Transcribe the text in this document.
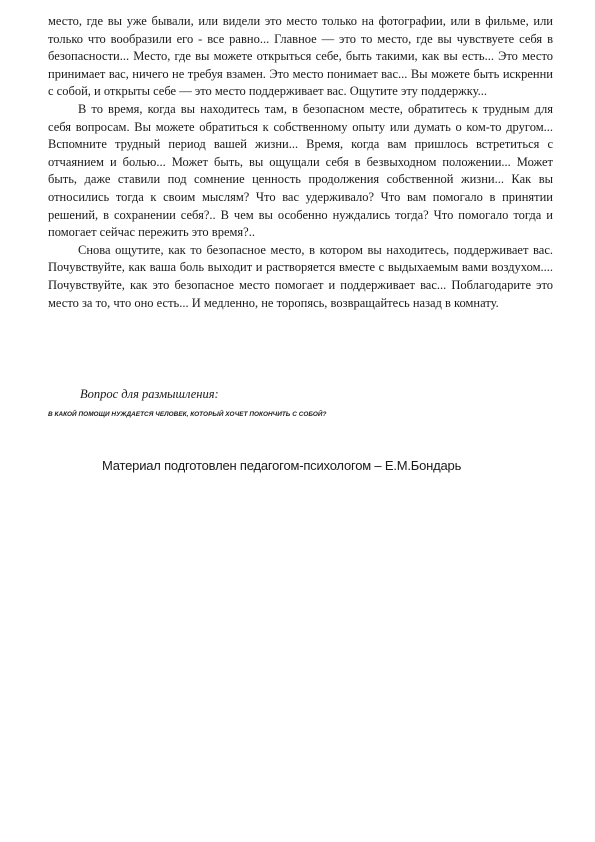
место, где вы уже бывали, или видели это место только на фотографии, или в фильме, или только что вообразили его - все равно... Главное — это то место, где вы чувствуете себя в безопасности... Место, где вы можете открыться себе, быть такими, как вы есть... Это место принимает вас, ничего не требуя взамен. Это место понимает вас... Вы можете быть искренни с собой, и открыты себе — это место поддерживает вас. Ощутите эту поддержку...

В то время, когда вы находитесь там, в безопасном месте, обратитесь к трудным для себя вопросам. Вы можете обратиться к собственному опыту или думать о ком-то другом... Вспомните трудный период вашей жизни... Время, когда вам пришлось встретиться с отчаянием и болью... Может быть, вы ощущали себя в безвыходном положении... Может быть, даже ставили под сомнение ценность продолжения собственной жизни... Как вы относились тогда к своим мыслям? Что вас удерживало? Что вам помогало в принятии решений, в сохранении себя?.. В чем вы особенно нуждались тогда? Что помогало тогда и помогает сейчас пережить это время?..

Снова ощутите, как то безопасное место, в котором вы находитесь, поддерживает вас. Почувствуйте, как ваша боль выходит и растворяется вместе с выдыхаемым вами воздухом.... Почувствуйте, как это безопасное место помогает и поддерживает вас... Поблагодарите это место за то, что оно есть... И медленно, не торопясь, возвращайтесь назад в комнату.

Вопрос для размышления:
В КАКОЙ ПОМОЩИ НУЖДАЕТСЯ ЧЕЛОВЕК, КОТОРЫЙ ХОЧЕТ ПОКОНЧИТЬ С СОБОЙ?
Материал подготовлен педагогом-психологом – Е.М.Бондарь
